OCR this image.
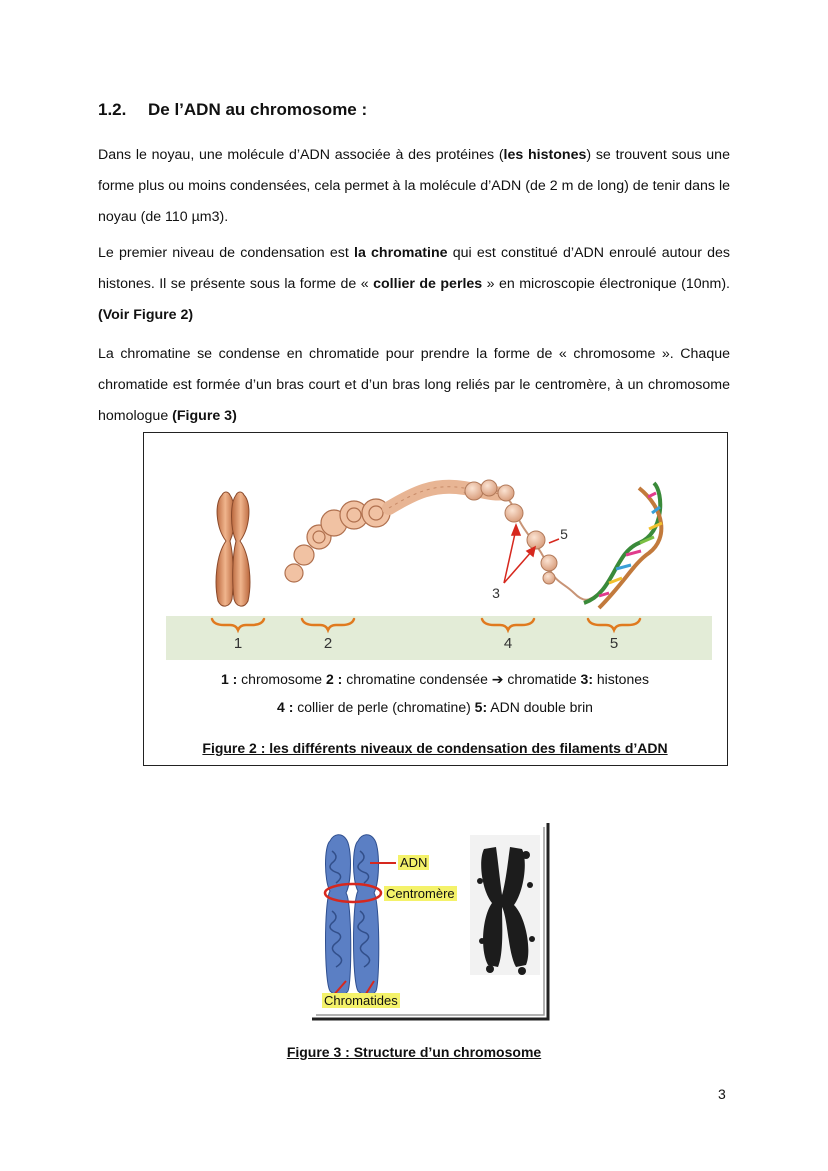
1.2. De l’ADN au chromosome :

Dans le noyau, une molécule d’ADN associée à des protéines (les histones) se trouvent sous une forme plus ou moins condensées, cela permet à la molécule d’ADN (de 2 m de long) de tenir dans le noyau (de 110 µm3).

Le premier niveau de condensation est la chromatine qui est constitué d’ADN enroulé autour des histones. Il se présente sous la forme de « collier de perles » en microscopie électronique (10nm). (Voir Figure 2)

La chromatine se condense en chromatide pour prendre la forme de « chromosome ». Chaque chromatide est formée d’un bras court et d’un bras long reliés par le centromère, à un chromosome homologue (Figure 3)

1	2
3
4
5
5
1 : chromosome 2 : chromatine condensée ➔ chromatide 3: histones
4 : collier de perle (chromatine) 5: ADN double brin
Figure 2 : les différents niveaux de condensation des filaments d’ADN
ADN
Centromère
Chromatides
Figure 3 : Structure d’un chromosome
3
